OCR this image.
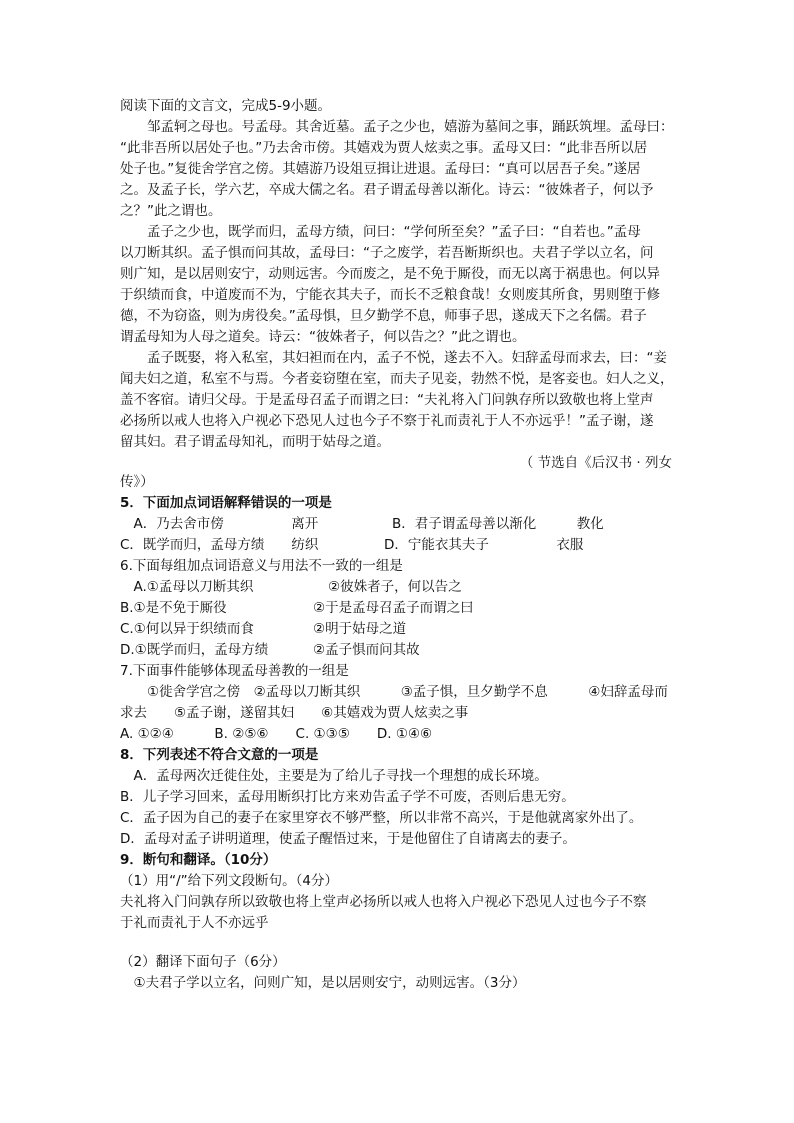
阅读下面的文言文，完成5-9小题。
　　邹孟轲之母也。号孟母。其舍近墓。孟子之少也，嬉游为墓间之事，踊跃筑埋。孟母曰：
“此非吾所以居处子也。”乃去舍市傍。其嬉戏为贾人炫卖之事。孟母又曰：“此非吾所以居
处子也。”复徙舍学宫之傍。其嬉游乃设俎豆揖让进退。孟母曰：“真可以居吾子矣。”遂居
之。及孟子长，学六艺，卒成大儒之名。君子谓孟母善以渐化。诗云：“彼姝者子，何以予
之？”此之谓也。
　　孟子之少也，既学而归，孟母方绩，问曰：“学何所至矣？”孟子曰：“自若也。”孟母
以刀断其织。孟子惧而问其故，孟母曰：“子之废学，若吾断斯织也。夫君子学以立名，问
则广知，是以居则安宁，动则远害。今而废之，是不免于厮役，而无以离于祸患也。何以异
于织绩而食，中道废而不为，宁能衣其夫子，而长不乏粮食哉！女则废其所食，男则堕于修
德，不为窃盗，则为虏役矣。”孟母惧，旦夕勤学不息，师事子思，遂成天下之名儒。君子
谓孟母知为人母之道矣。诗云：“彼姝者子，何以告之？”此之谓也。
　　孟子既娶，将入私室，其妇袒而在内，孟子不悦，遂去不入。妇辞孟母而求去，曰：“妾
闻夫妇之道，私室不与焉。今者妾窃堕在室，而夫子见妾，勃然不悦，是客妾也。妇人之义，
盖不客宿。请归父母。于是孟母召孟子而谓之曰：“夫礼将入门问孰存所以致敬也将上堂声
必扬所以戒人也将入户视必下恐见人过也今子不察于礼而责礼于人不亦远乎！”孟子谢，遂
留其妇。君子谓孟母知礼，而明于姑母之道。
（ 节选自《后汉书 · 列女
传》）
5．下面加点词语解释错误的一项是
　A．乃去舍市傍　　　　　离开	B．君子谓孟母善以渐化　　　教化
C．既学而归，孟母方绩　　纺织	D．宁能衣其夫子　　　　　衣服
6.下面每组加点词语意义与用法不一致的一组是
　A.①孟母以刀断其织	②彼姝者子，何以告之
B.①是不免于厮役	②于是孟母召孟子而谓之曰
C.①何以异于织绩而食	②明于姑母之道
D.①既学而归，孟母方绩	②孟子惧而问其故
7.下面事件能够体现孟母善教的一组是
　　①徙舍学宫之傍　②孟母以刀断其织　　　③孟子惧，旦夕勤学不息　　　④妇辞孟母而
求去　　⑤孟子谢，遂留其妇　　⑥其嬉戏为贾人炫卖之事
A. ①②④　　　B. ②⑤⑥　　C. ①③⑤　　D. ①④⑥
8．下列表述不符合文意的一项是
　A．孟母两次迁徙住处，主要是为了给儿子寻找一个理想的成长环境。
B．儿子学习回来，孟母用断织打比方来劝告孟子学不可废，否则后患无穷。
C．孟子因为自己的妻子在家里穿衣不够严整，所以非常不高兴，于是他就离家外出了。
D．孟母对孟子讲明道理，使孟子醒悟过来，于是他留住了自请离去的妻子。
9．断句和翻译。（10分）
（1）用“/”给下列文段断句。（4分）
夫礼将入门问孰存所以致敬也将上堂声必扬所以戒人也将入户视必下恐见人过也今子不察
于礼而责礼于人不亦远乎
（2）翻译下面句子（6分）
　①夫君子学以立名，问则广知，是以居则安宁，动则远害。（3分）
